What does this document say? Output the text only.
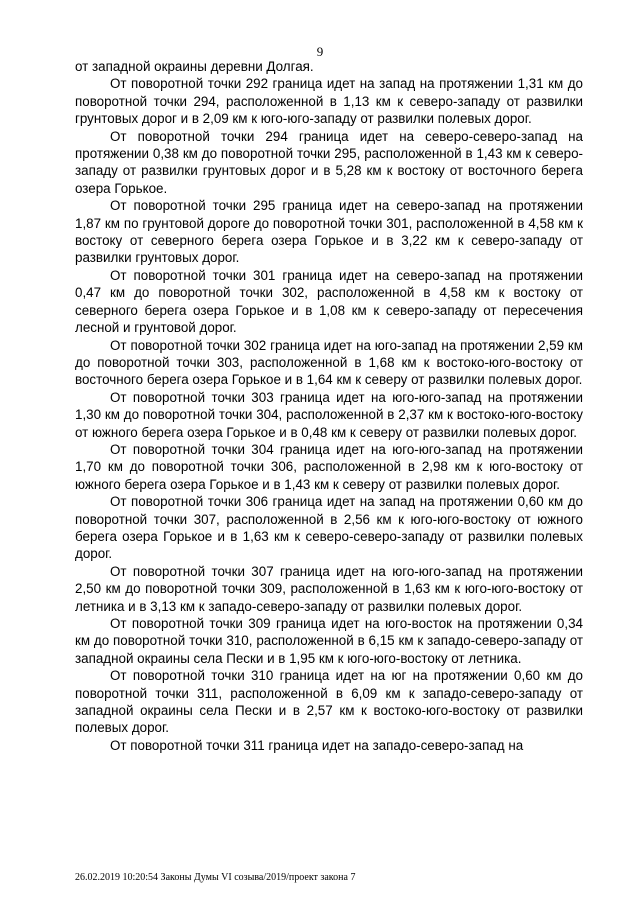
9

от западной окраины деревни Долгая.

От поворотной точки 292 граница идет на запад на протяжении 1,31 км до поворотной точки 294, расположенной в 1,13 км к северо-западу от развилки грунтовых дорог и в 2,09 км к юго-юго-западу от развилки полевых дорог.

От поворотной точки 294 граница идет на северо-северо-запад на протяжении 0,38 км до поворотной точки 295, расположенной в 1,43 км к северо-западу от развилки грунтовых дорог и в 5,28 км к востоку от восточного берега озера Горькое.

От поворотной точки 295 граница идет на северо-запад на протяжении 1,87 км по грунтовой дороге до поворотной точки 301, расположенной в 4,58 км к востоку от северного берега озера Горькое и в 3,22 км к северо-западу от развилки грунтовых дорог.

От поворотной точки 301 граница идет на северо-запад на протяжении 0,47 км до поворотной точки 302, расположенной в 4,58 км к востоку от северного берега озера Горькое и в 1,08 км к северо-западу от пересечения лесной и грунтовой дорог.

От поворотной точки 302 граница идет на юго-запад на протяжении 2,59 км до поворотной точки 303, расположенной в 1,68 км к востоко-юго-востоку от восточного берега озера Горькое и в 1,64 км к северу от развилки полевых дорог.

От поворотной точки 303 граница идет на юго-юго-запад на протяжении 1,30 км до поворотной точки 304, расположенной в 2,37 км к востоко-юго-востоку от южного берега озера Горькое и в 0,48 км к северу от развилки полевых дорог.

От поворотной точки 304 граница идет на юго-юго-запад на протяжении 1,70 км до поворотной точки 306, расположенной в 2,98 км к юго-востоку от южного берега озера Горькое и в 1,43 км к северу от развилки полевых дорог.

От поворотной точки 306 граница идет на запад на протяжении 0,60 км до поворотной точки 307, расположенной в 2,56 км к юго-юго-востоку от южного берега озера Горькое и в 1,63 км к северо-северо-западу от развилки полевых дорог.

От поворотной точки 307 граница идет на юго-юго-запад на протяжении 2,50 км до поворотной точки 309, расположенной в 1,63 км к юго-юго-востоку от летника и в 3,13 км к западо-северо-западу от развилки полевых дорог.

От поворотной точки 309 граница идет на юго-восток на протяжении 0,34 км до поворотной точки 310, расположенной в 6,15 км к западо-северо-западу от западной окраины села Пески и в 1,95 км к юго-юго-востоку от летника.

От поворотной точки 310 граница идет на юг на протяжении 0,60 км до поворотной точки 311, расположенной в 6,09 км к западо-северо-западу от западной окраины села Пески и в 2,57 км к востоко-юго-востоку от развилки полевых дорог.

От поворотной точки 311 граница идет на западо-северо-запад на

26.02.2019 10:20:54 Законы Думы VI созыва/2019/проект закона 7
